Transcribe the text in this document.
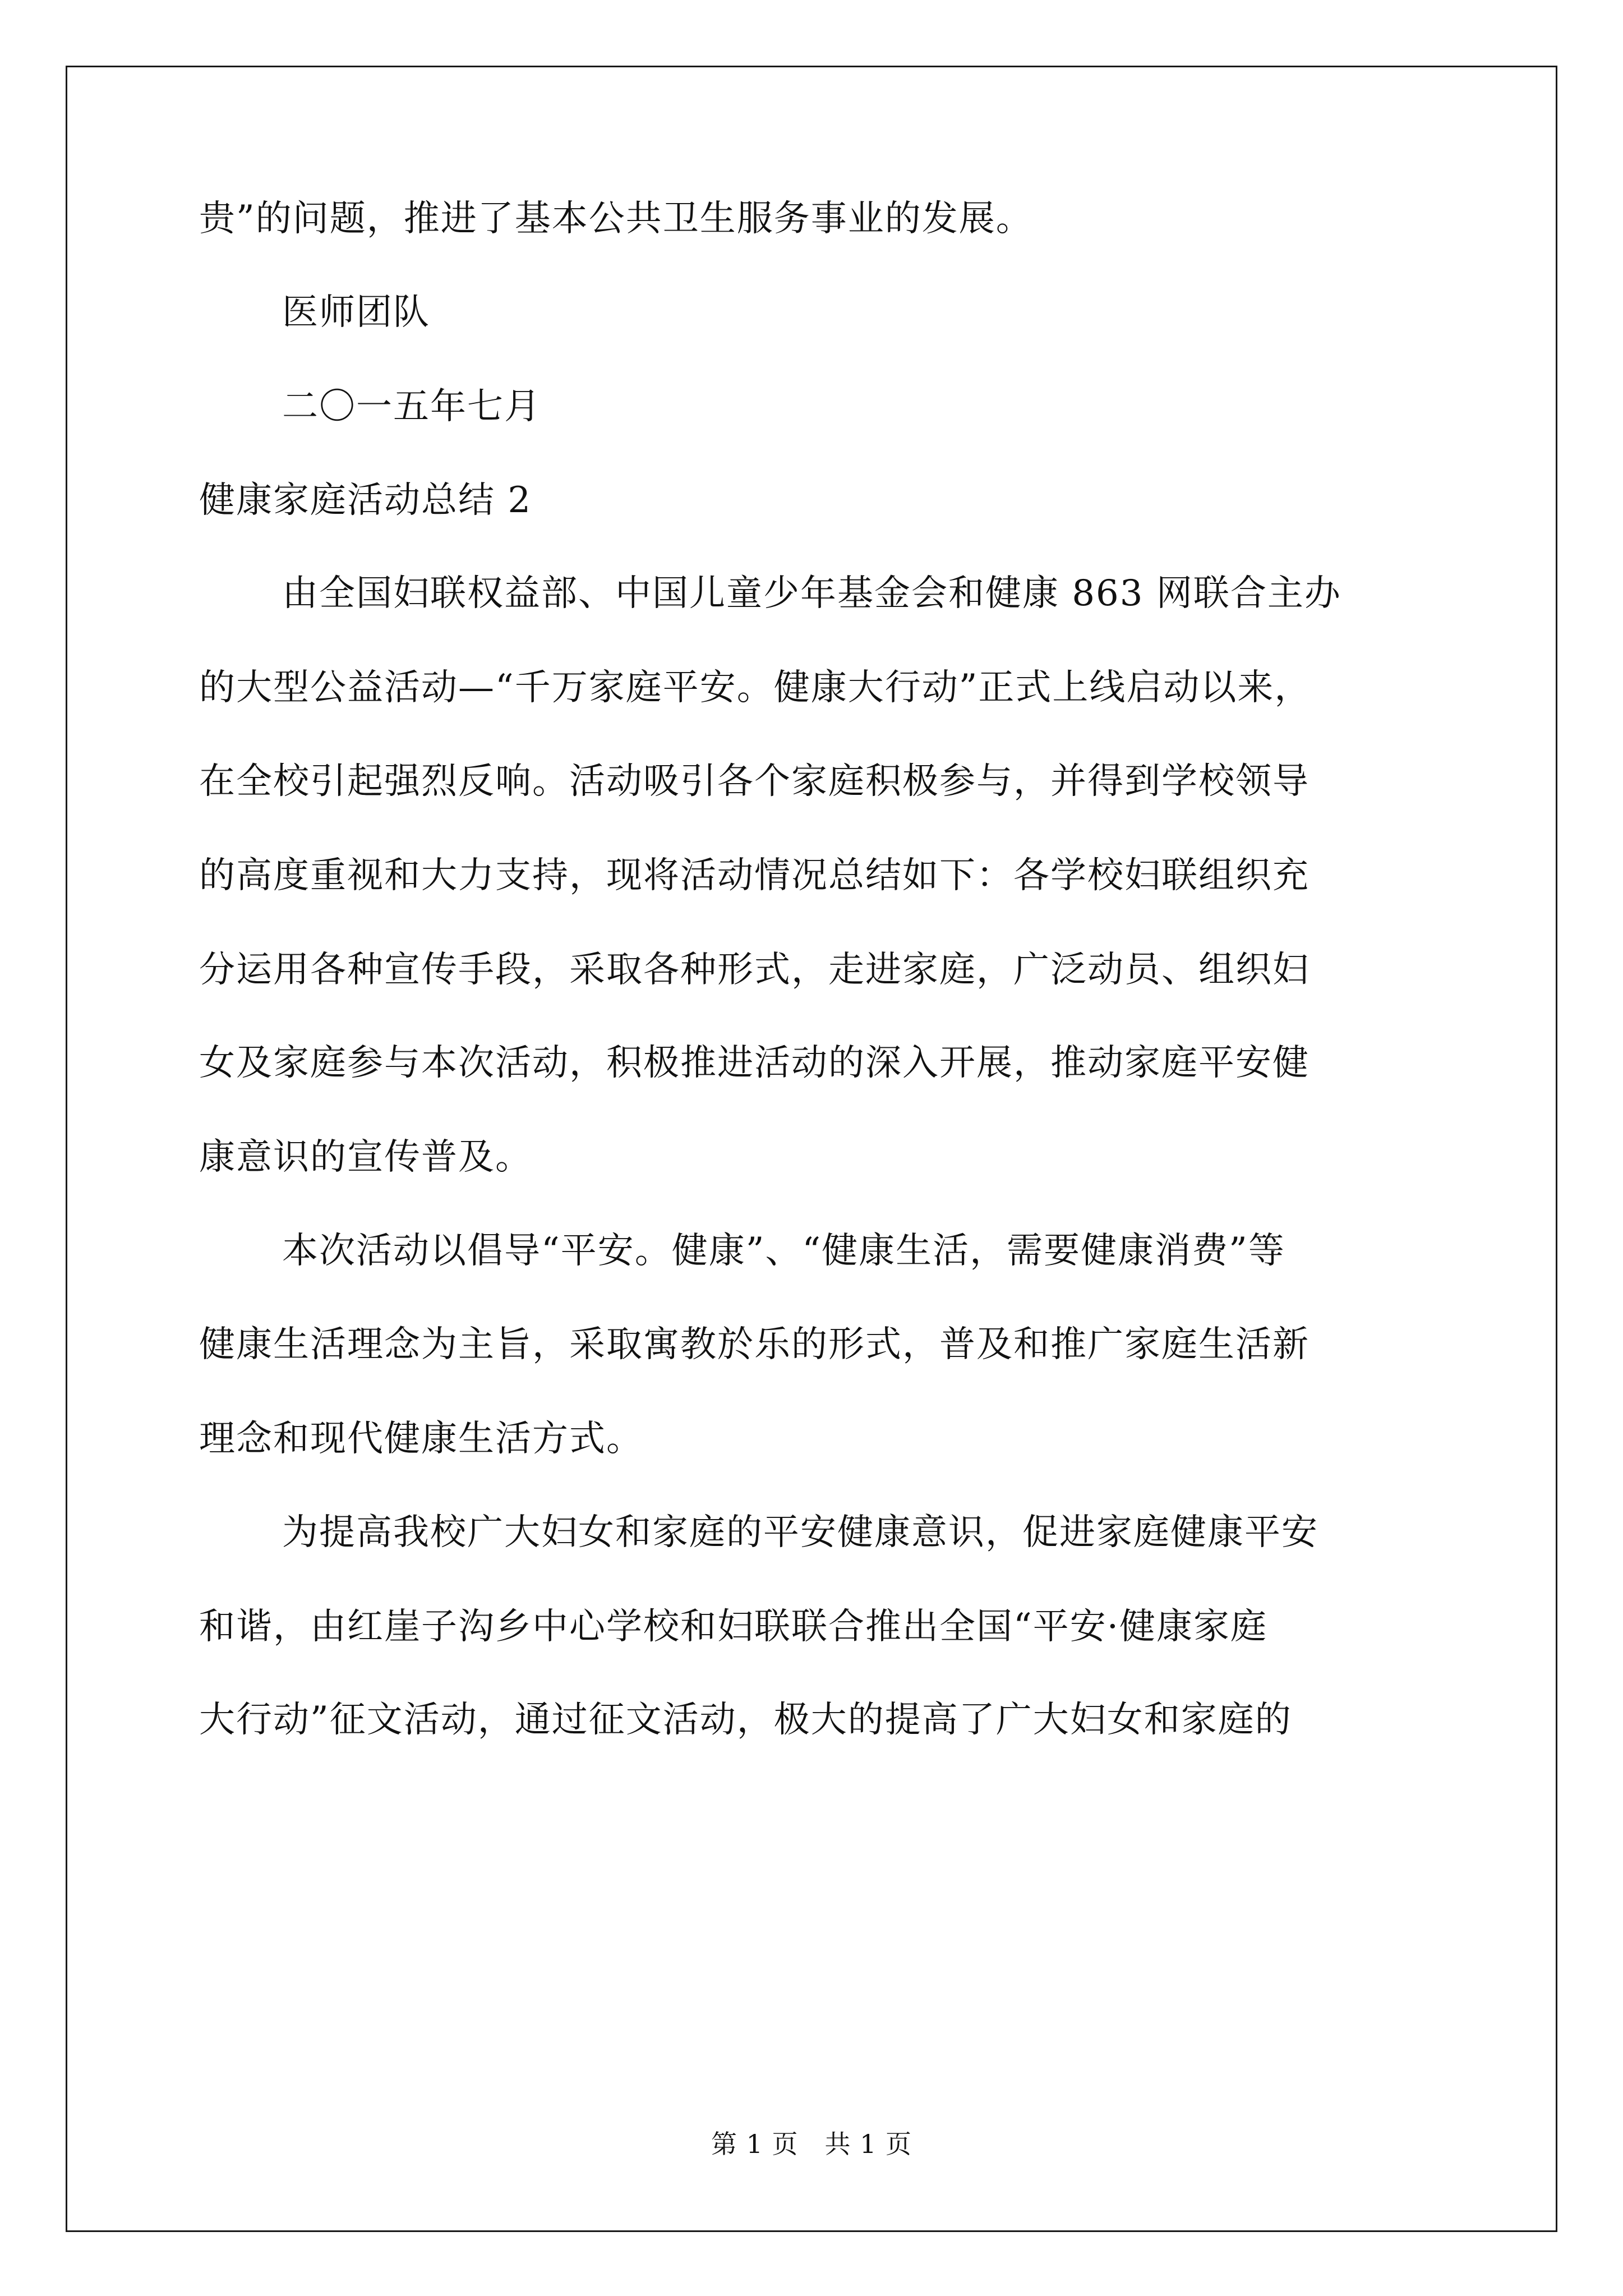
贵”的问题，推进了基本公共卫生服务事业的发展。
医师团队
二〇一五年七月
健康家庭活动总结 2
由全国妇联权益部、中国儿童少年基金会和健康 863 网联合主办
的大型公益活动—“千万家庭平安。健康大行动”正式上线启动以来，
在全校引起强烈反响。活动吸引各个家庭积极参与，并得到学校领导
的高度重视和大力支持，现将活动情况总结如下：各学校妇联组织充
分运用各种宣传手段，采取各种形式，走进家庭，广泛动员、组织妇
女及家庭参与本次活动，积极推进活动的深入开展，推动家庭平安健
康意识的宣传普及。
本次活动以倡导“平安。健康”、“健康生活，需要健康消费”等
健康生活理念为主旨，采取寓教於乐的形式，普及和推广家庭生活新
理念和现代健康生活方式。
为提高我校广大妇女和家庭的平安健康意识，促进家庭健康平安
和谐，由红崖子沟乡中心学校和妇联联合推出全国“平安·健康家庭
大行动”征文活动，通过征文活动，极大的提高了广大妇女和家庭的
第 1 页　共 1 页
